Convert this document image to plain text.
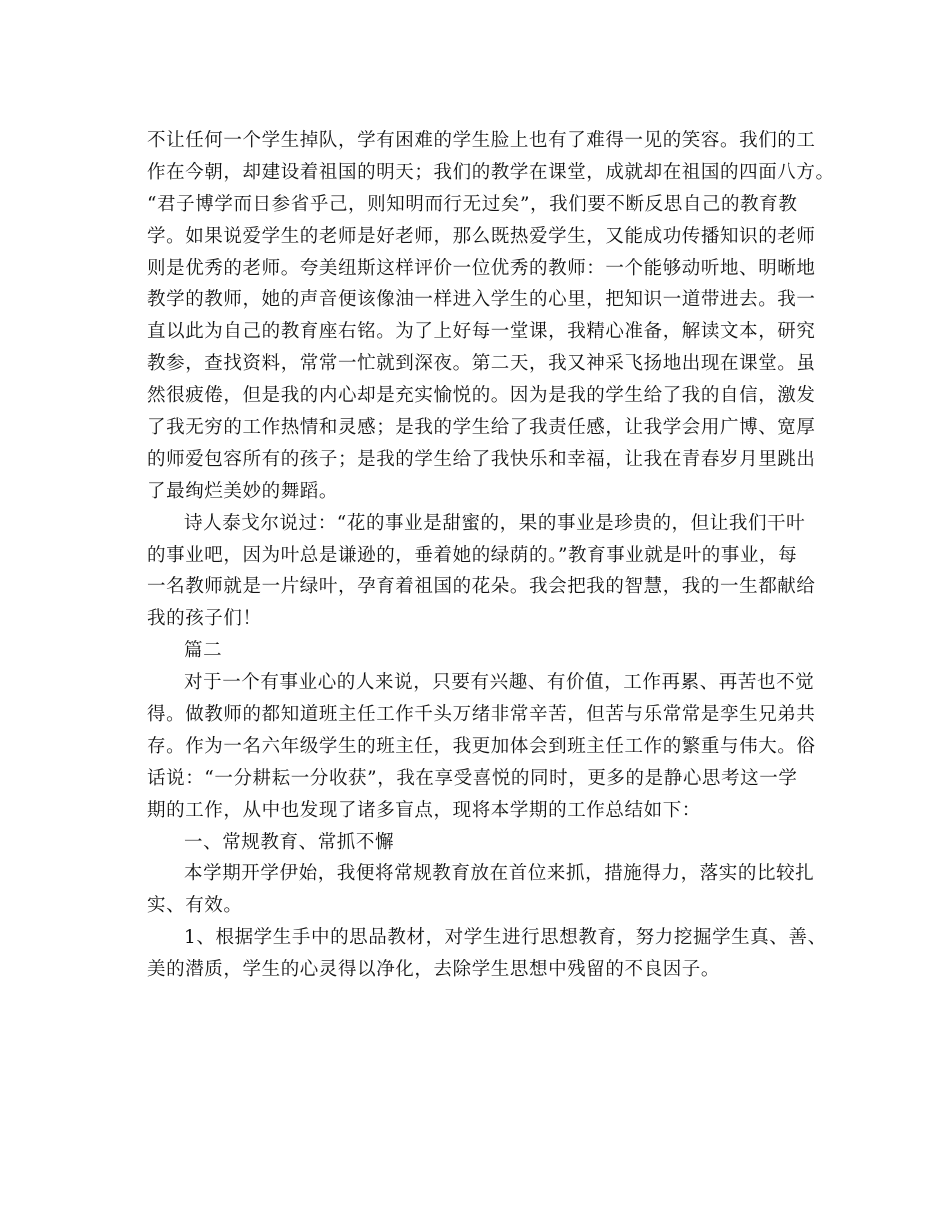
不让任何一个学生掉队，学有困难的学生脸上也有了难得一见的笑容。我们的工
作在今朝，却建设着祖国的明天；我们的教学在课堂，成就却在祖国的四面八方。
“君子博学而日参省乎己，则知明而行无过矣”，我们要不断反思自己的教育教
学。如果说爱学生的老师是好老师，那么既热爱学生，又能成功传播知识的老师
则是优秀的老师。夸美纽斯这样评价一位优秀的教师：一个能够动听地、明晰地
教学的教师，她的声音便该像油一样进入学生的心里，把知识一道带进去。我一
直以此为自己的教育座右铭。为了上好每一堂课，我精心准备，解读文本，研究
教参，查找资料，常常一忙就到深夜。第二天，我又神采飞扬地出现在课堂。虽
然很疲倦，但是我的内心却是充实愉悦的。因为是我的学生给了我的自信，激发
了我无穷的工作热情和灵感；是我的学生给了我责任感，让我学会用广博、宽厚
的师爱包容所有的孩子；是我的学生给了我快乐和幸福，让我在青春岁月里跳出
了最绚烂美妙的舞蹈。
诗人泰戈尔说过：“花的事业是甜蜜的，果的事业是珍贵的，但让我们干叶
的事业吧，因为叶总是谦逊的，垂着她的绿荫的。”教育事业就是叶的事业，每
一名教师就是一片绿叶，孕育着祖国的花朵。我会把我的智慧，我的一生都献给
我的孩子们！
篇二
对于一个有事业心的人来说，只要有兴趣、有价值，工作再累、再苦也不觉
得。做教师的都知道班主任工作千头万绪非常辛苦，但苦与乐常常是孪生兄弟共
存。作为一名六年级学生的班主任，我更加体会到班主任工作的繁重与伟大。俗
话说：“一分耕耘一分收获”，我在享受喜悦的同时，更多的是静心思考这一学
期的工作，从中也发现了诸多盲点，现将本学期的工作总结如下：
一、常规教育、常抓不懈
本学期开学伊始，我便将常规教育放在首位来抓，措施得力，落实的比较扎
实、有效。
1、根据学生手中的思品教材，对学生进行思想教育，努力挖掘学生真、善、
美的潜质，学生的心灵得以净化，去除学生思想中残留的不良因子。
